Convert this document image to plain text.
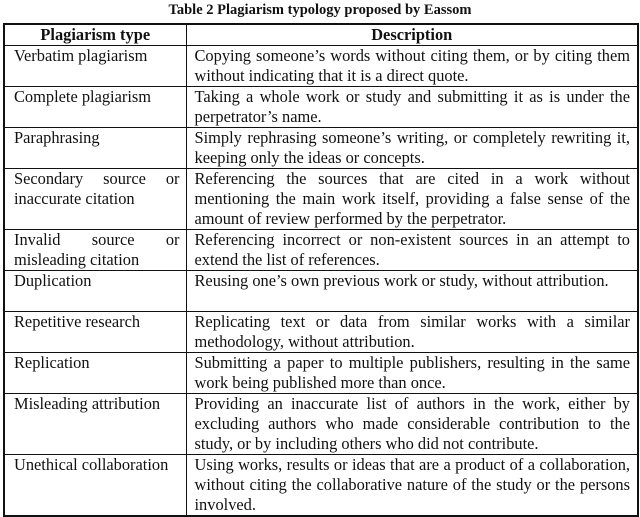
Table 2 Plagiarism typology proposed by Eassom
Plagiarism type	Description
Verbatim plagiarism	Copying someone’s words without citing them, or by citing them without indicating that it is a direct quote.
Complete plagiarism	Taking a whole work or study and submitting it as is under the perpetrator’s name.
Paraphrasing	Simply rephrasing someone’s writing, or completely rewriting it, keeping only the ideas or concepts.
Secondary source or inaccurate citation	Referencing the sources that are cited in a work without mentioning the main work itself, providing a false sense of the amount of review performed by the perpetrator.
Invalid source or misleading citation	Referencing incorrect or non-existent sources in an attempt to extend the list of references.
Duplication	Reusing one’s own previous work or study, without attribution.
Repetitive research	Replicating text or data from similar works with a similar methodology, without attribution.
Replication	Submitting a paper to multiple publishers, resulting in the same work being published more than once.
Misleading attribution	Providing an inaccurate list of authors in the work, either by excluding authors who made considerable contribution to the study, or by including others who did not contribute.
Unethical collaboration	Using works, results or ideas that are a product of a collaboration, without citing the collaborative nature of the study or the persons involved.
